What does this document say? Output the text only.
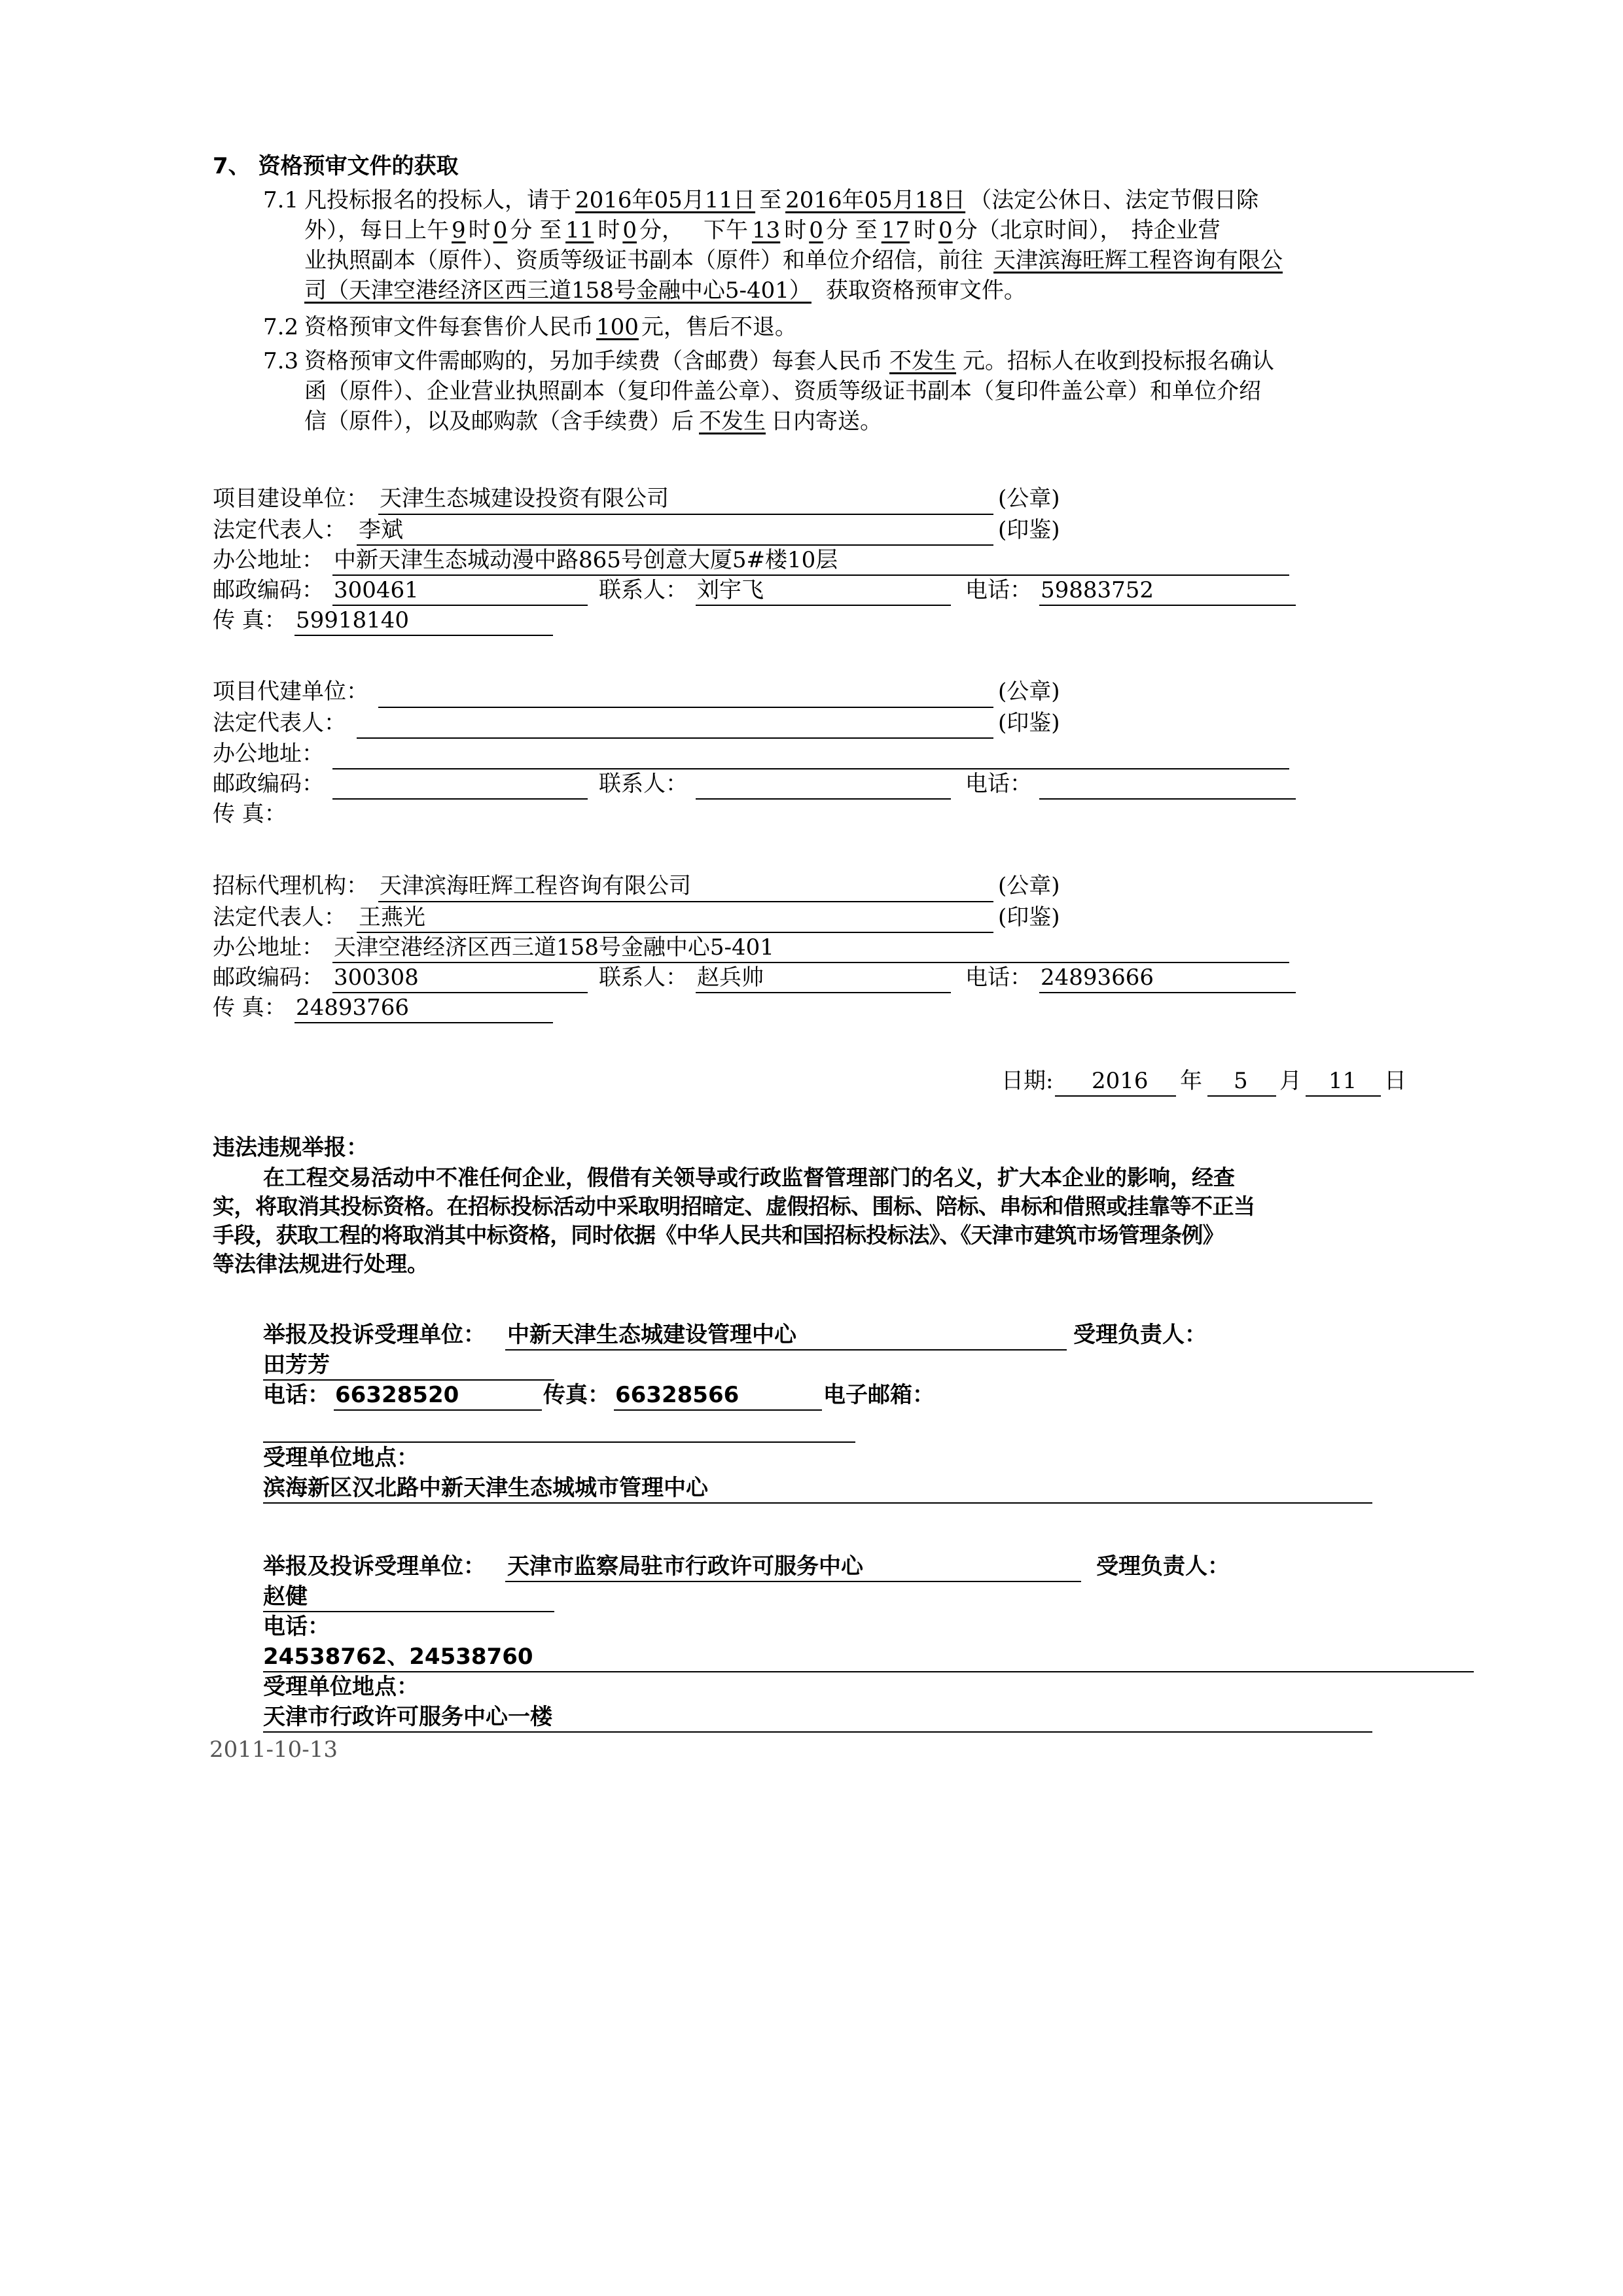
7、 资格预审文件的获取
7.1 凡投标报名的投标人，请于 2016年05月11日 至 2016年05月18日 （法定公休日、法定节假日除
外），每日上午 9 时 0 分 至 11 时 0 分， 下午 13 时 0 分 至 17 时 0 分（北京时间）， 持企业营
业执照副本（原件）、资质等级证书副本（原件）和单位介绍信，前往 天津滨海旺辉工程咨询有限公
司（天津空港经济区西三道158号金融中心5-401） 获取资格预审文件。
7.2 资格预审文件每套售价人民币 100 元，售后不退。
7.3 资格预审文件需邮购的，另加手续费（含邮费）每套人民币 不发生 元。招标人在收到投标报名确认
函（原件）、企业营业执照副本（复印件盖公章）、资质等级证书副本（复印件盖公章）和单位介绍
信（原件），以及邮购款（含手续费）后 不发生 日内寄送。
项目建设单位： 天津生态城建设投资有限公司	(公章)
法定代表人： 李斌	(印鉴)
办公地址： 中新天津生态城动漫中路865号创意大厦5#楼10层
邮政编码： 300461	联系人： 刘宇飞	电话： 59883752
传 真： 59918140
项目代建单位：	(公章)
法定代表人：	(印鉴)
办公地址：
邮政编码：	联系人：	电话：
传 真：
招标代理机构： 天津滨海旺辉工程咨询有限公司	(公章)
法定代表人： 王燕光	(印鉴)
办公地址： 天津空港经济区西三道158号金融中心5-401
邮政编码： 300308	联系人： 赵兵帅	电话： 24893666
传 真： 24893766
日期: 2016 年 5 月 11 日
违法违规举报：
在工程交易活动中不准任何企业，假借有关领导或行政监督管理部门的名义，扩大本企业的影响，经查
实，将取消其投标资格。在招标投标活动中采取明招暗定、虚假招标、围标、陪标、串标和借照或挂靠等不正当
手段，获取工程的将取消其中标资格，同时依据《中华人民共和国招标投标法》、《天津市建筑市场管理条例》
等法律法规进行处理。
举报及投诉受理单位： 中新天津生态城建设管理中心	受理负责人：
田芳芳
电话： 66328520	传真： 66328566	电子邮箱：
受理单位地点：
滨海新区汉北路中新天津生态城城市管理中心
举报及投诉受理单位： 天津市监察局驻市行政许可服务中心	受理负责人：
赵健
电话：
24538762、24538760
受理单位地点：
天津市行政许可服务中心一楼
2011-10-13
